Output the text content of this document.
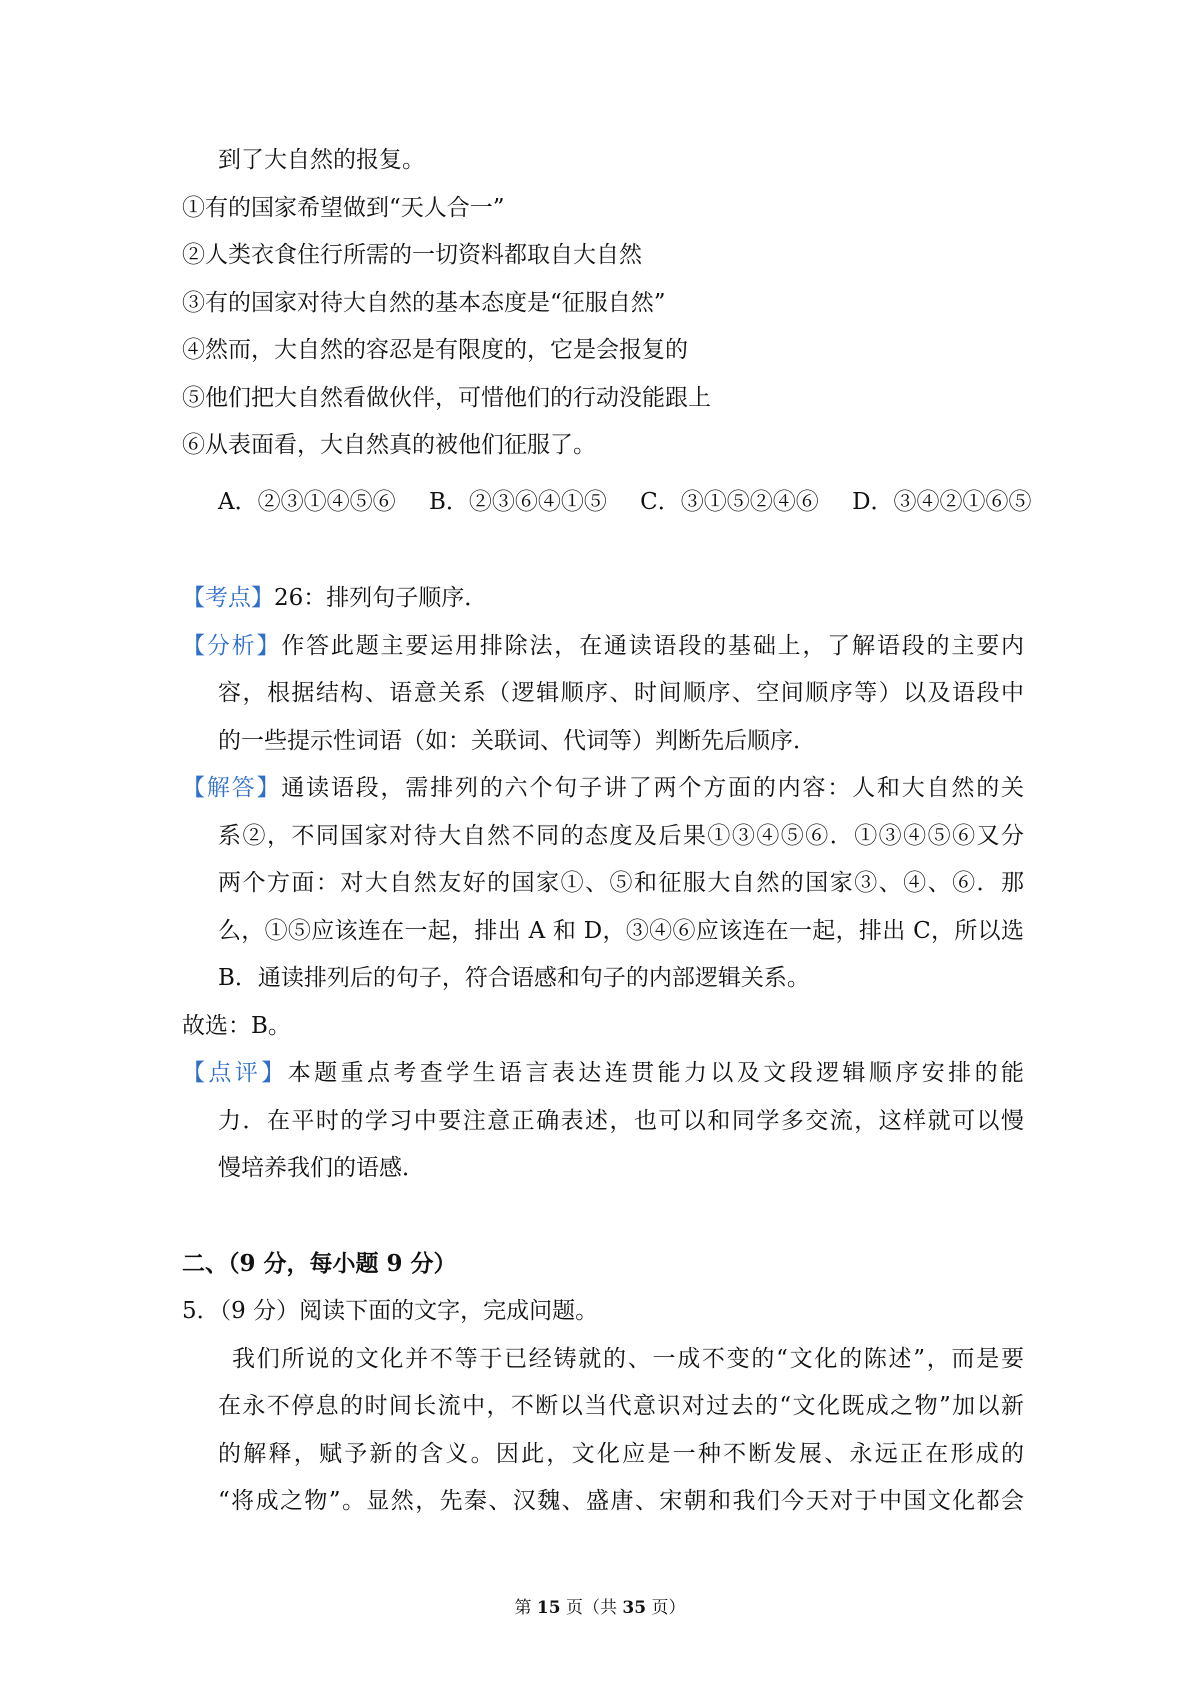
到了大自然的报复。
①有的国家希望做到“天人合一”
②人类衣食住行所需的一切资料都取自大自然
③有的国家对待大自然的基本态度是“征服自然”
④然而，大自然的容忍是有限度的，它是会报复的
⑤他们把大自然看做伙伴，可惜他们的行动没能跟上
⑥从表面看，大自然真的被他们征服了。
A．②③①④⑤⑥ B．②③⑥④①⑤ C．③①⑤②④⑥ D．③④②①⑥⑤
【考点】26：排列句子顺序．
【分析】作答此题主要运用排除法，在通读语段的基础上，了解语段的主要内
容，根据结构、语意关系（逻辑顺序、时间顺序、空间顺序等）以及语段中
的一些提示性词语（如：关联词、代词等）判断先后顺序．
【解答】通读语段，需排列的六个句子讲了两个方面的内容：人和大自然的关
系②，不同国家对待大自然不同的态度及后果①③④⑤⑥．①③④⑤⑥又分
两个方面：对大自然友好的国家①、⑤和征服大自然的国家③、④、⑥．那
么，①⑤应该连在一起，排出 A 和 D，③④⑥应该连在一起，排出 C，所以选
B．通读排列后的句子，符合语感和句子的内部逻辑关系。
故选：B。
【点评】本题重点考查学生语言表达连贯能力以及文段逻辑顺序安排的能
力．在平时的学习中要注意正确表述，也可以和同学多交流，这样就可以慢
慢培养我们的语感．
二、（9 分，每小题 9 分）
5．（9 分）阅读下面的文字，完成问题。
我们所说的文化并不等于已经铸就的、一成不变的“文化的陈述”，而是要
在永不停息的时间长流中，不断以当代意识对过去的“文化既成之物”加以新
的解释，赋予新的含义。因此，文化应是一种不断发展、永远正在形成的
“将成之物”。显然，先秦、汉魏、盛唐、宋朝和我们今天对于中国文化都会
第 15 页（共 35 页）
